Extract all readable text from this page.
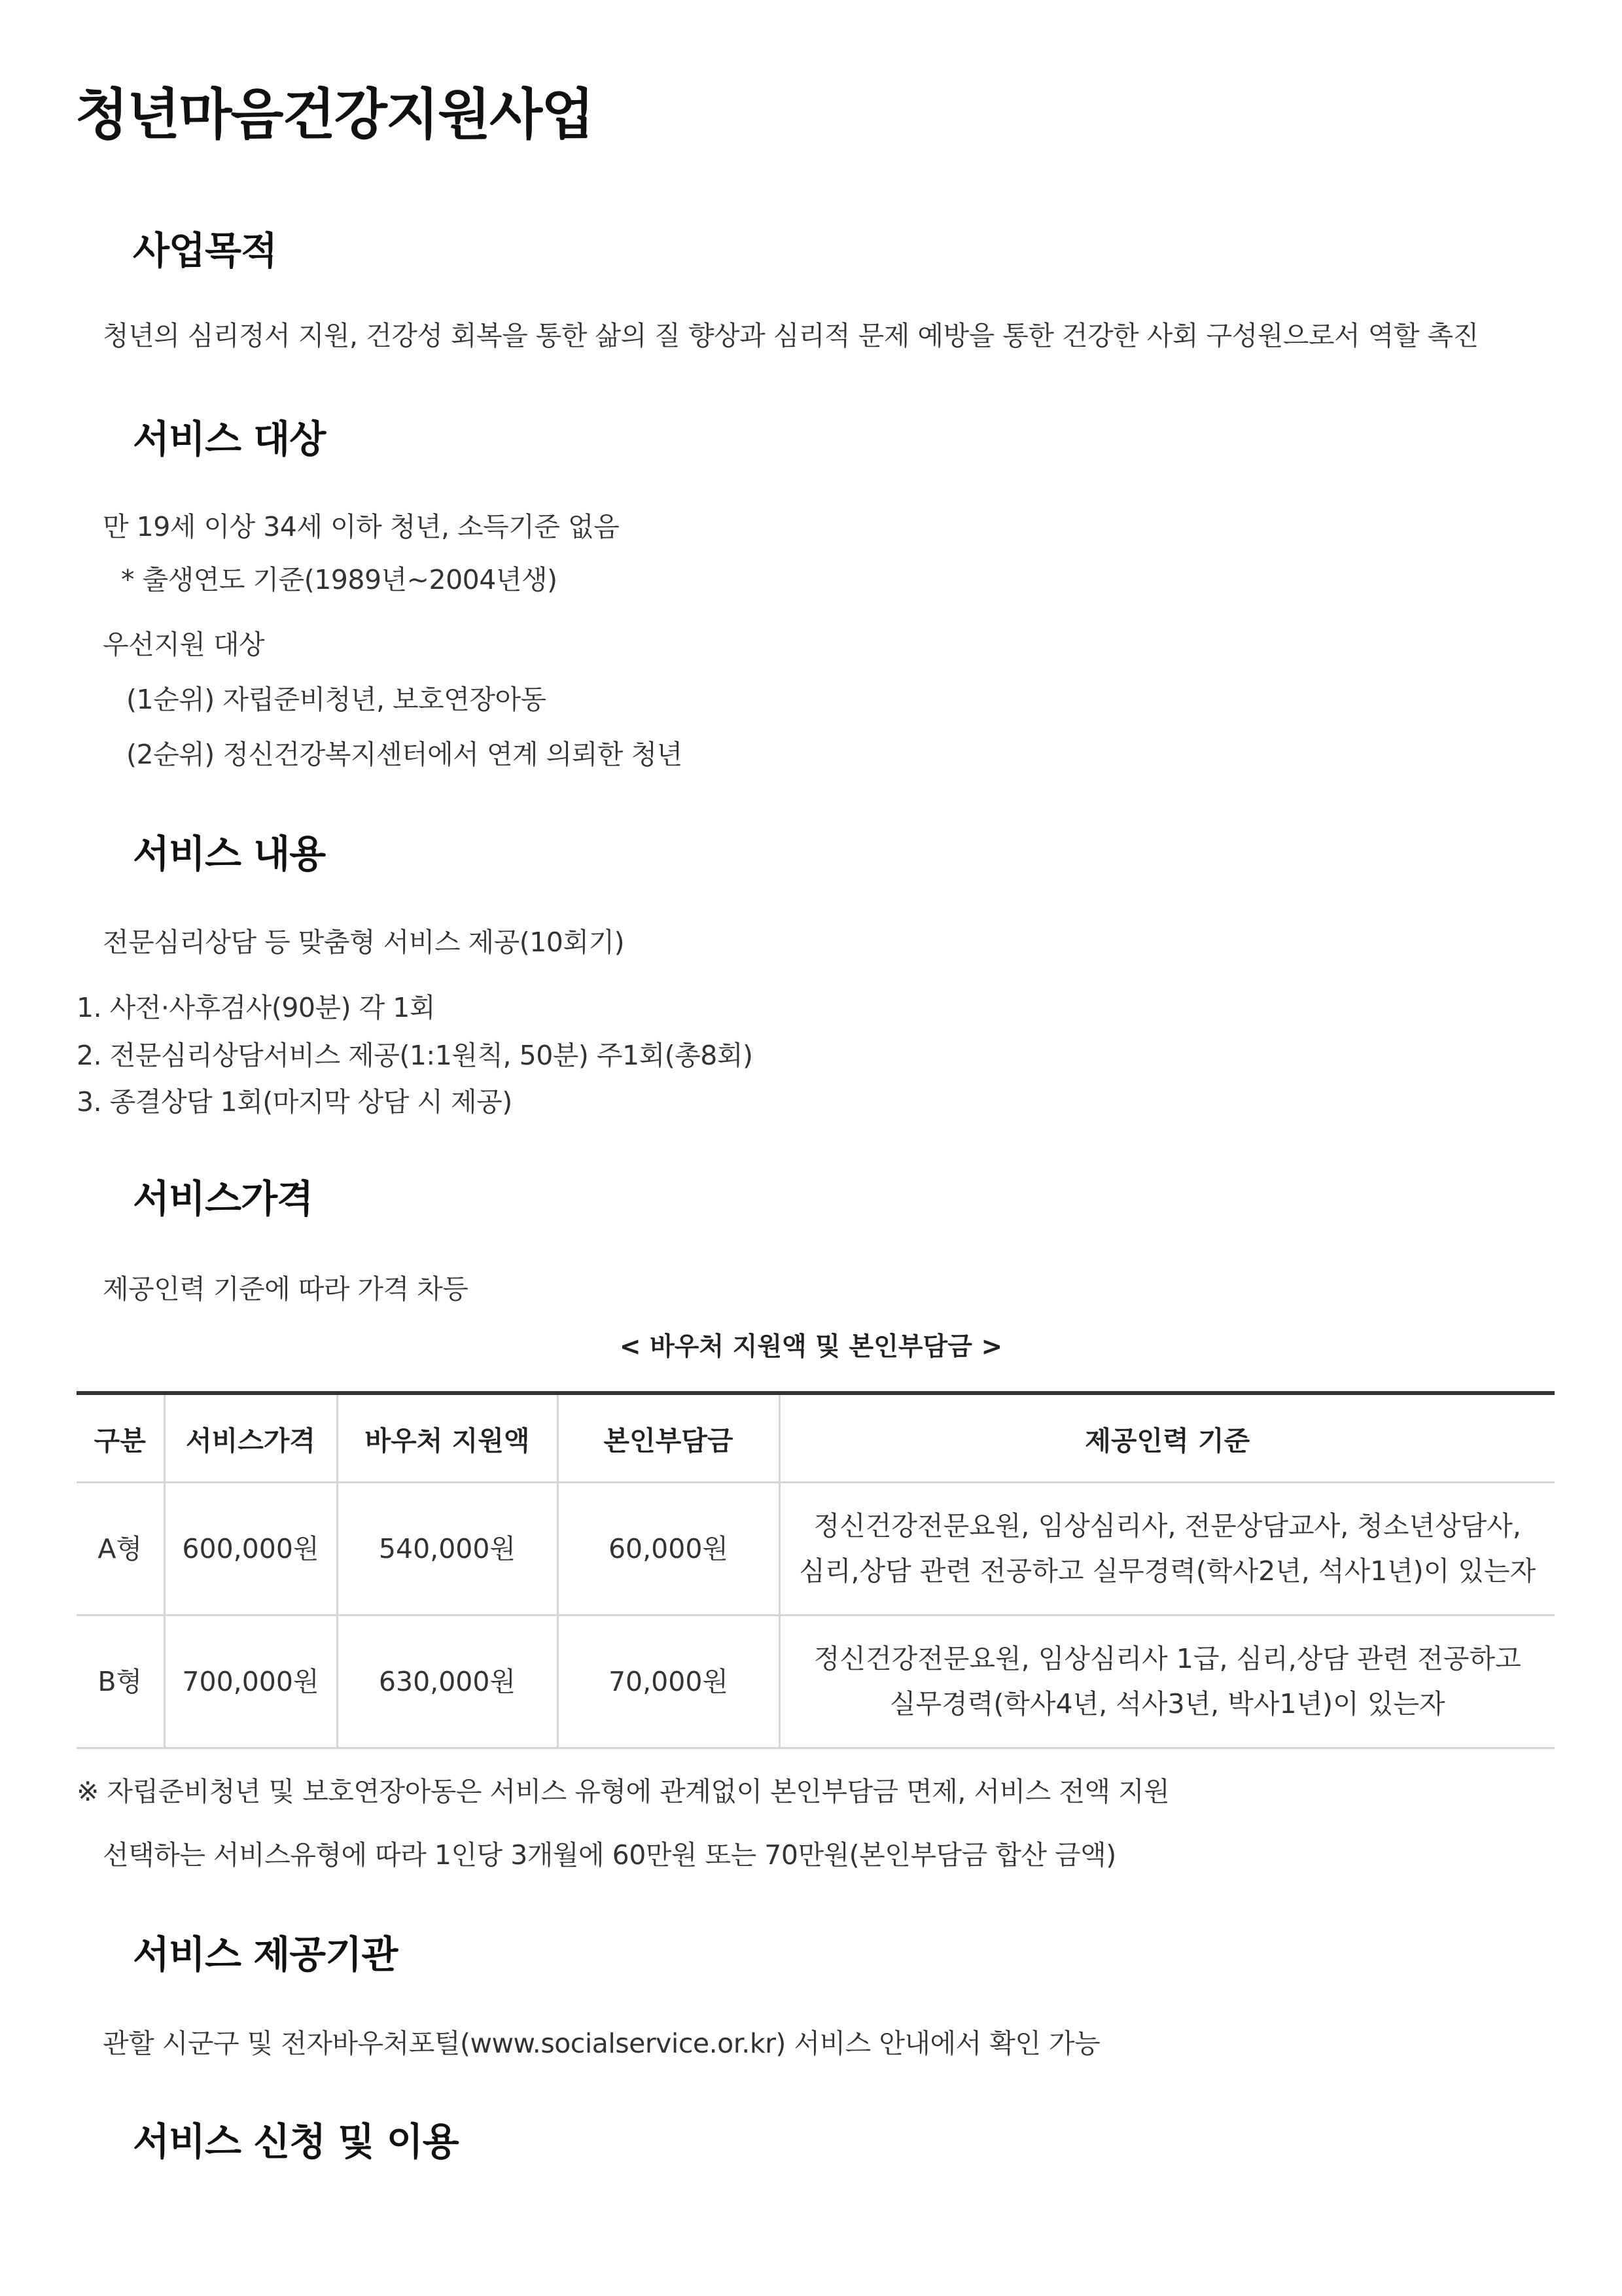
청년마음건강지원사업
사업목적
청년의 심리정서 지원, 건강성 회복을 통한 삶의 질 향상과 심리적 문제 예방을 통한 건강한 사회 구성원으로서 역할 촉진
서비스 대상
만 19세 이상 34세 이하 청년, 소득기준 없음
* 출생연도 기준(1989년~2004년생)
우선지원 대상
(1순위) 자립준비청년, 보호연장아동
(2순위) 정신건강복지센터에서 연계 의뢰한 청년
서비스 내용
전문심리상담 등 맞춤형 서비스 제공(10회기)
1. 사전·사후검사(90분) 각 1회
2. 전문심리상담서비스 제공(1:1원칙, 50분) 주1회(총8회)
3. 종결상담 1회(마지막 상담 시 제공)
서비스가격
제공인력 기준에 따라 가격 차등
< 바우처 지원액 및 본인부담금 >
구분	서비스가격	바우처 지원액	본인부담금	제공인력 기준
A형	600,000원	540,000원	60,000원	정신건강전문요원, 임상심리사, 전문상담교사, 청소년상담사,
심리,상담 관련 전공하고 실무경력(학사2년, 석사1년)이 있는자

B형	700,000원	630,000원	70,000원	정신건강전문요원, 임상심리사 1급, 심리,상담 관련 전공하고
실무경력(학사4년, 석사3년, 박사1년)이 있는자
※ 자립준비청년 및 보호연장아동은 서비스 유형에 관계없이 본인부담금 면제, 서비스 전액 지원
선택하는 서비스유형에 따라 1인당 3개월에 60만원 또는 70만원(본인부담금 합산 금액)
서비스 제공기관
관할 시군구 및 전자바우처포털(www.socialservice.or.kr) 서비스 안내에서 확인 가능
서비스 신청 및 이용
